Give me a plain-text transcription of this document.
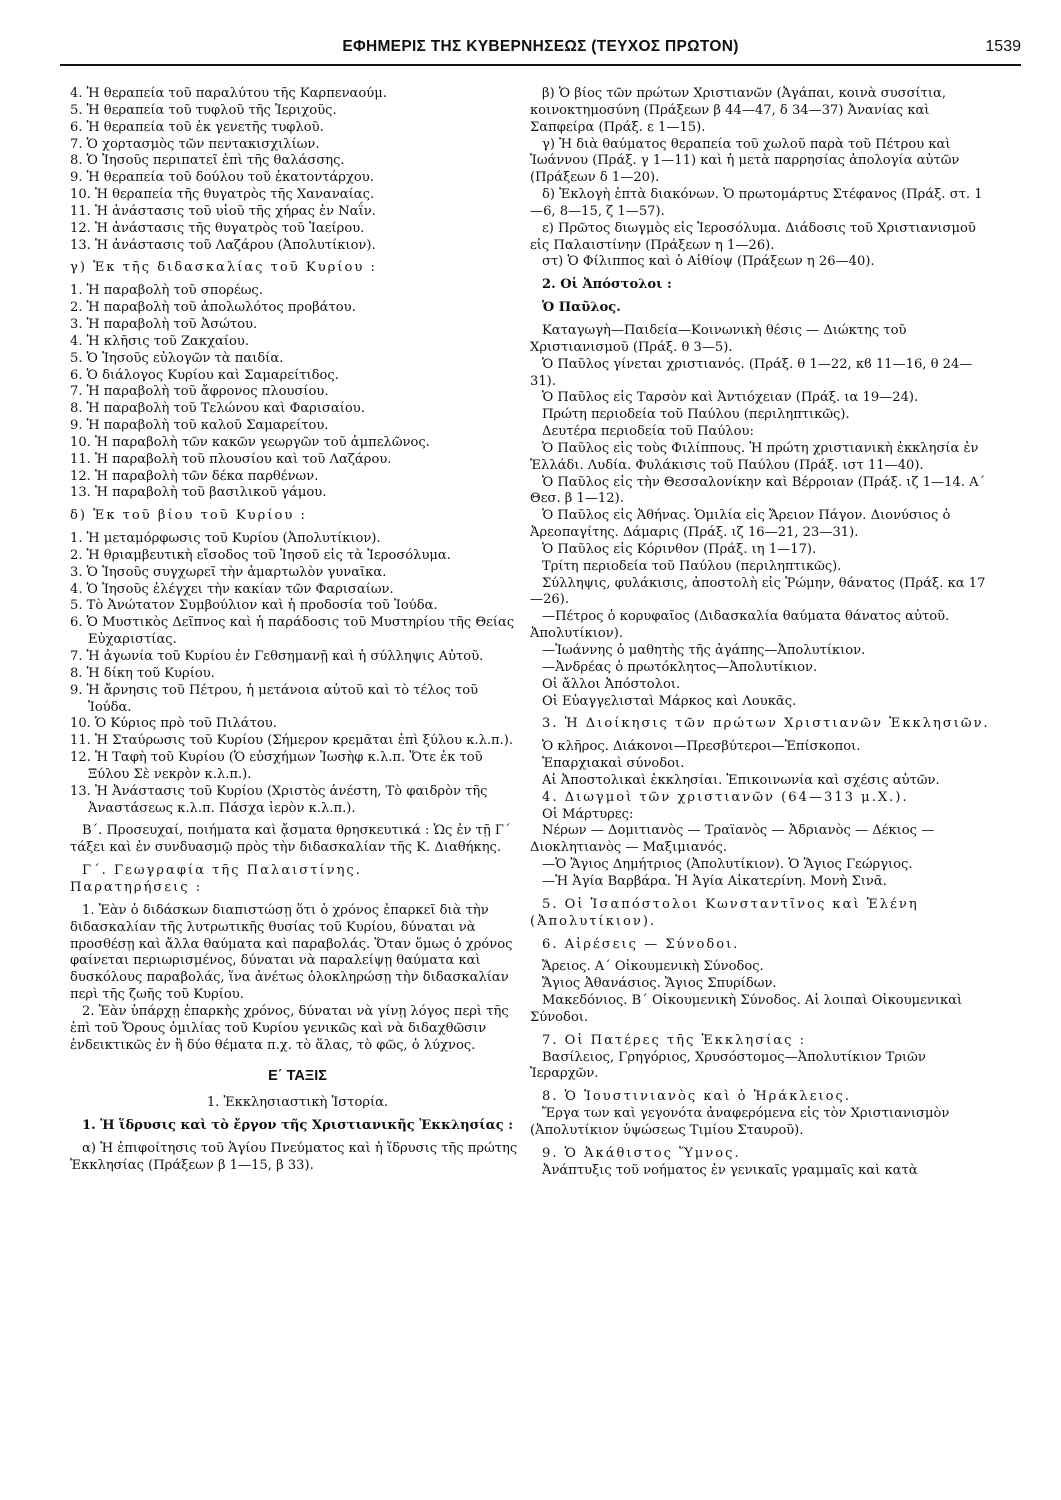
ΕΦΗΜΕΡΙΣ ΤΗΣ ΚΥΒΕΡΝΗΣΕΩΣ (ΤΕΥΧΟΣ ΠΡΩΤΟΝ)	1539

4. Ἡ θεραπεία τοῦ παραλύτου τῆς Καρπεναούμ.

5. Ἡ θεραπεία τοῦ τυφλοῦ τῆς Ἱεριχοῦς.

6. Ἡ θεραπεία τοῦ ἐκ γενετῆς τυφλοῦ.

7. Ὁ χορτασμὸς τῶν πεντακισχιλίων.

8. Ὁ Ἰησοῦς περιπατεῖ ἐπὶ τῆς θαλάσσης.

9. Ἡ θεραπεία τοῦ δούλου τοῦ ἑκατοντάρχου.

10. Ἡ θεραπεία τῆς θυγατρὸς τῆς Χαναναίας.

11. Ἡ ἀνάστασις τοῦ υἱοῦ τῆς χήρας ἐν Ναΐν.

12. Ἡ ἀνάστασις τῆς θυγατρὸς τοῦ Ἰαείρου.

13. Ἡ ἀνάστασις τοῦ Λαζάρου (Ἀπολυτίκιον).

γ) Ἐκ τῆς διδασκαλίας τοῦ Κυρίου :

1. Ἡ παραβολὴ τοῦ σπορέως.

2. Ἡ παραβολὴ τοῦ ἀπολωλότος προβάτου.

3. Ἡ παραβολὴ τοῦ Ἀσώτου.

4. Ἡ κλῆσις τοῦ Ζακχαίου.

5. Ὁ Ἰησοῦς εὐλογῶν τὰ παιδία.

6. Ὁ διάλογος Κυρίου καὶ Σαμαρείτιδος.

7. Ἡ παραβολὴ τοῦ ἄφρονος πλουσίου.

8. Ἡ παραβολὴ τοῦ Τελώνου καὶ Φαρισαίου.

9. Ἡ παραβολὴ τοῦ καλοῦ Σαμαρείτου.

10. Ἡ παραβολὴ τῶν κακῶν γεωργῶν τοῦ ἀμπελῶνος.

11. Ἡ παραβολὴ τοῦ πλουσίου καὶ τοῦ Λαζάρου.

12. Ἡ παραβολὴ τῶν δέκα παρθένων.

13. Ἡ παραβολὴ τοῦ βασιλικοῦ γάμου.

δ) Ἐκ τοῦ βίου τοῦ Κυρίου :

1. Ἡ μεταμόρφωσις τοῦ Κυρίου (Ἀπολυτίκιον).

2. Ἡ θριαμβευτικὴ εἴσοδος τοῦ Ἰησοῦ εἰς τὰ Ἱεροσόλυμα.

3. Ὁ Ἰησοῦς συγχωρεῖ τὴν ἁμαρτωλὸν γυναῖκα.

4. Ὁ Ἰησοῦς ἐλέγχει τὴν κακίαν τῶν Φαρισαίων.

5. Τὸ Ἀνώτατον Συμβούλιον καὶ ἡ προδοσία τοῦ Ἰούδα.

6. Ὁ Μυστικὸς Δεῖπνος καὶ ἡ παράδοσις τοῦ Μυστηρίου τῆς Θείας Εὐχαριστίας.

7. Ἡ ἀγωνία τοῦ Κυρίου ἐν Γεθσημανῇ καὶ ἡ σύλληψις Αὐτοῦ.

8. Ἡ δίκη τοῦ Κυρίου.

9. Ἡ ἄρνησις τοῦ Πέτρου, ἡ μετάνοια αὐτοῦ καὶ τὸ τέλος τοῦ Ἰούδα.

10. Ὁ Κύριος πρὸ τοῦ Πιλάτου.

11. Ἡ Σταύρωσις τοῦ Κυρίου (Σήμερον κρεμᾶται ἐπὶ ξύλου κ.λ.π.).

12. Ἡ Ταφὴ τοῦ Κυρίου (Ὁ εὐσχήμων Ἰωσὴφ κ.λ.π. Ὅτε ἐκ τοῦ Ξύλου Σὲ νεκρὸν κ.λ.π.).

13. Ἡ Ἀνάστασις τοῦ Κυρίου (Χριστὸς ἀνέστη, Τὸ φαιδρὸν τῆς Ἀναστάσεως κ.λ.π. Πάσχα ἱερὸν κ.λ.π.).

Β΄. Προσευχαί, ποιήματα καὶ ᾄσματα θρησκευτικά : Ὡς ἐν τῇ Γ΄ τάξει καὶ ἐν συνδυασμῷ πρὸς τὴν διδασκαλίαν τῆς Κ. Διαθήκης.

Γ΄. Γεωγραφία τῆς Παλαιστίνης.

Παρατηρήσεις :

1. Ἐὰν ὁ διδάσκων διαπιστώσῃ ὅτι ὁ χρόνος ἐπαρκεῖ διὰ τὴν διδασκαλίαν τῆς λυτρωτικῆς θυσίας τοῦ Κυρίου, δύναται νὰ προσθέσῃ καὶ ἄλλα θαύματα καὶ παραβολάς. Ὅταν ὅμως ὁ χρόνος φαίνεται περιωρισμένος, δύναται νὰ παραλείψῃ θαύματα καὶ δυσκόλους παραβολάς, ἵνα ἀνέτως ὁλοκληρώσῃ τὴν διδασκαλίαν περὶ τῆς ζωῆς τοῦ Κυρίου.

2. Ἐὰν ὑπάρχῃ ἐπαρκὴς χρόνος, δύναται νὰ γίνῃ λόγος περὶ τῆς ἐπὶ τοῦ Ὄρους ὁμιλίας τοῦ Κυρίου γενικῶς καὶ νὰ διδαχθῶσιν ἐνδεικτικῶς ἐν ἢ δύο θέματα π.χ. τὸ ἅλας, τὸ φῶς, ὁ λύχνος.

Ε΄ ΤΑΞΙΣ

1. Ἐκκλησιαστικὴ Ἱστορία.

1. Ἡ ἵδρυσις καὶ τὸ ἔργον τῆς Χριστιανικῆς Ἐκκλησίας :

α) Ἡ ἐπιφοίτησις τοῦ Ἁγίου Πνεύματος καὶ ἡ ἵδρυσις τῆς πρώτης Ἐκκλησίας (Πράξεων β 1—15, β 33).

β) Ὁ βίος τῶν πρώτων Χριστιανῶν (Ἀγάπαι, κοινὰ συσσίτια, κοινοκτημοσύνη (Πράξεων β 44—47, δ 34—37) Ἀνανίας καὶ Σαπφείρα (Πράξ. ε 1—15).

γ) Ἡ διὰ θαύματος θεραπεία τοῦ χωλοῦ παρὰ τοῦ Πέτρου καὶ Ἰωάννου (Πράξ. γ 1—11) καὶ ἡ μετὰ παρρησίας ἀπολογία αὐτῶν (Πράξεων δ 1—20).

δ) Ἐκλογὴ ἑπτὰ διακόνων. Ὁ πρωτομάρτυς Στέφανος (Πράξ. στ. 1—6, 8—15, ζ 1—57).

ε) Πρῶτος διωγμὸς εἰς Ἱεροσόλυμα. Διάδοσις τοῦ Χριστιανισμοῦ εἰς Παλαιστίνην (Πράξεων η 1—26).

στ) Ὁ Φίλιππος καὶ ὁ Αἰθίοψ (Πράξεων η 26—40).

2. Οἱ Ἀπόστολοι :

Ὁ Παῦλος.

Καταγωγὴ—Παιδεία—Κοινωνικὴ θέσις — Διώκτης τοῦ Χριστιανισμοῦ (Πράξ. θ 3—5).

Ὁ Παῦλος γίνεται χριστιανός. (Πράξ. θ 1—22, κϐ 11—16, θ 24—31).

Ὁ Παῦλος εἰς Ταρσὸν καὶ Ἀντιόχειαν (Πράξ. ια 19—24).

Πρώτη περιοδεία τοῦ Παύλου (περιληπτικῶς).

Δευτέρα περιοδεία τοῦ Παύλου:

Ὁ Παῦλος εἰς τοὺς Φιλίππους. Ἡ πρώτη χριστιανικὴ ἐκκλησία ἐν Ἑλλάδι. Λυδία. Φυλάκισις τοῦ Παύλου (Πράξ. ιστ 11—40).

Ὁ Παῦλος εἰς τὴν Θεσσαλονίκην καὶ Βέρροιαν (Πράξ. ιζ 1—14. Α΄ Θεσ. β 1—12).

Ὁ Παῦλος εἰς Ἀθήνας. Ὁμιλία εἰς Ἄρειον Πάγον. Διονύσιος ὁ Ἀρεοπαγίτης. Δάμαρις (Πράξ. ιζ 16—21, 23—31).

Ὁ Παῦλος εἰς Κόρινθον (Πράξ. ιη 1—17).

Τρίτη περιοδεία τοῦ Παύλου (περιληπτικῶς).

Σύλληψις, φυλάκισις, ἀποστολὴ εἰς Ῥώμην, θάνατος (Πράξ. κα 17—26).

—Πέτρος ὁ κορυφαῖος (Διδασκαλία θαύματα θάνατος αὐτοῦ. Ἀπολυτίκιον).

—Ἰωάννης ὁ μαθητὴς τῆς ἀγάπης—Ἀπολυτίκιον.

—Ἀνδρέας ὁ πρωτόκλητος—Ἀπολυτίκιον.

Οἱ ἄλλοι Ἀπόστολοι.

Οἱ Εὐαγγελισταὶ Μάρκος καὶ Λουκᾶς.

3. Ἡ Διοίκησις τῶν πρώτων Χριστιανῶν Ἐκκλησιῶν.

Ὁ κλῆρος. Διάκονοι—Πρεσβύτεροι—Ἐπίσκοποι.

Ἐπαρχιακαὶ σύνοδοι.

Αἱ Ἀποστολικαὶ ἐκκλησίαι. Ἐπικοινωνία καὶ σχέσις αὐτῶν.

4. Διωγμοὶ τῶν χριστιανῶν (64—313 μ.Χ.).

Οἱ Μάρτυρες:

Νέρων — Δομιτιανὸς — Τραϊανὸς — Ἀδριανὸς — Δέκιος — Διοκλητιανὸς — Μαξιμιανός.

—Ὁ Ἅγιος Δημήτριος (Ἀπολυτίκιον). Ὁ Ἅγιος Γεώργιος.

—Ἡ Ἁγία Βαρβάρα. Ἡ Ἁγία Αἰκατερίνη. Μονὴ Σινᾶ.

5. Οἱ Ἰσαπόστολοι Κωνσταντῖνος καὶ Ἑλένη (Ἀπολυτίκιον).

6. Αἱρέσεις — Σύνοδοι.

Ἄρειος. Α΄ Οἰκουμενικὴ Σύνοδος.

Ἅγιος Ἀθανάσιος. Ἅγιος Σπυρίδων.

Μακεδόνιος. Β΄ Οἰκουμενικὴ Σύνοδος. Αἱ λοιπαὶ Οἰκουμενικαὶ Σύνοδοι.

7. Οἱ Πατέρες τῆς Ἐκκλησίας :

Βασίλειος, Γρηγόριος, Χρυσόστομος—Ἀπολυτίκιον Τριῶν Ἱεραρχῶν.

8. Ὁ Ἰουστινιανὸς καὶ ὁ Ἡράκλειος.

Ἔργα των καὶ γεγονότα ἀναφερόμενα εἰς τὸν Χριστιανισμὸν (Ἀπολυτίκιον ὑψώσεως Τιμίου Σταυροῦ).

9. Ὁ Ἀκάθιστος Ὕμνος.

Ἀνάπτυξις τοῦ νοήματος ἐν γενικαῖς γραμμαῖς καὶ κατὰ
